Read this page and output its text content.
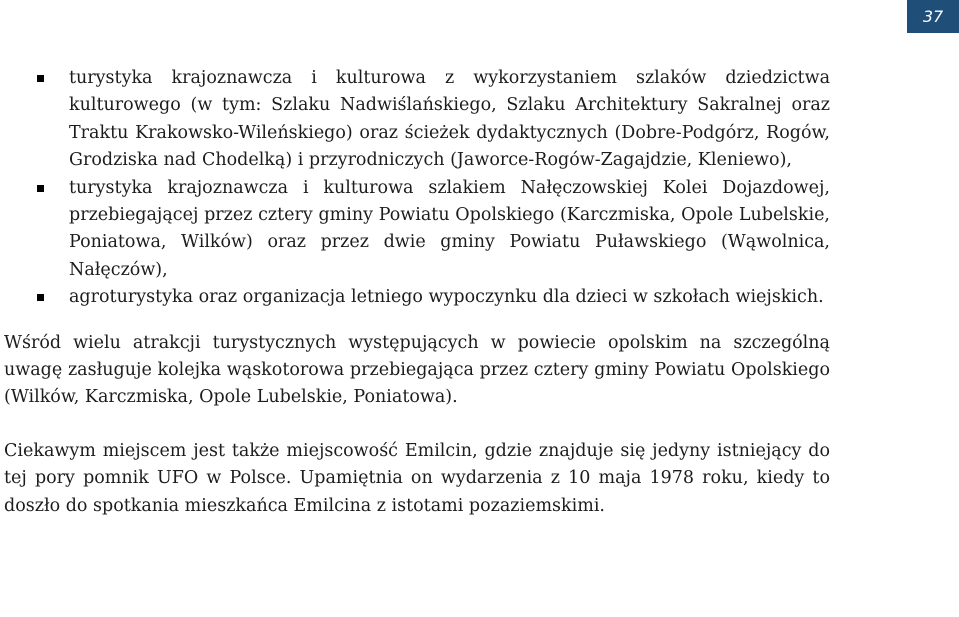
37
turystyka krajoznawcza i kulturowa z wykorzystaniem szlaków dziedzictwa kulturowego (w tym: Szlaku Nadwiślańskiego, Szlaku Architektury Sakralnej oraz Traktu Krakowsko-Wileńskiego) oraz ścieżek dydaktycznych (Dobre-Podgórz, Rogów, Grodziska nad Chodelką) i przyrodniczych (Jaworce-Rogów-Zagajdzie, Kleniewo),
turystyka krajoznawcza i kulturowa szlakiem Nałęczowskiej Kolei Dojazdowej, przebiegającej przez cztery gminy Powiatu Opolskiego (Karczmiska, Opole Lubelskie, Poniatowa, Wilków) oraz przez dwie gminy Powiatu Puławskiego (Wąwolnica, Nałęczów),
agroturystyka oraz organizacja letniego wypoczynku dla dzieci w szkołach wiejskich.

Wśród wielu atrakcji turystycznych występujących w powiecie opolskim na szczególną uwagę zasługuje kolejka wąskotorowa przebiegająca przez cztery gminy Powiatu Opolskiego (Wilków, Karczmiska, Opole Lubelskie, Poniatowa).

Ciekawym miejscem jest także miejscowość Emilcin, gdzie znajduje się jedyny istniejący do tej pory pomnik UFO w Polsce. Upamiętnia on wydarzenia z 10 maja 1978 roku, kiedy to doszło do spotkania mieszkańca Emilcina z istotami pozaziemskimi.
